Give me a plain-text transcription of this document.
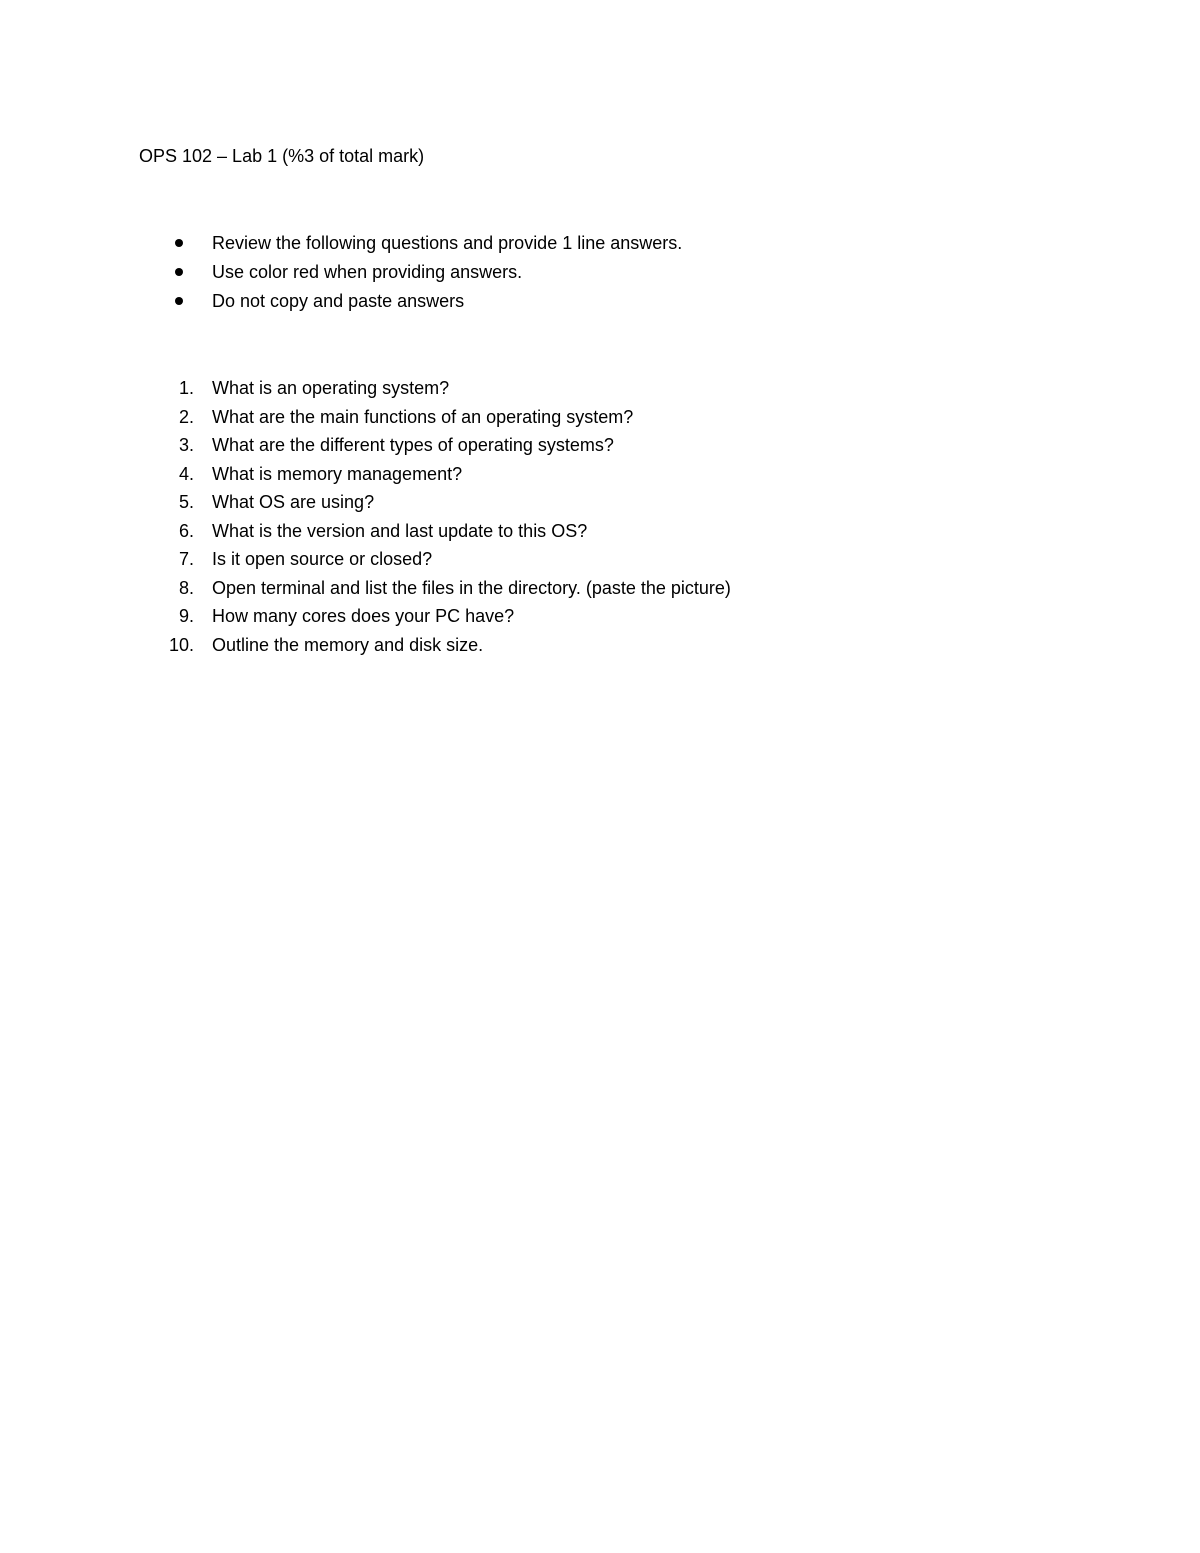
OPS 102 – Lab 1 (%3 of total mark)
Review the following questions and provide 1 line answers.
Use color red when providing answers.
Do not copy and paste answers
1. What is an operating system?
2. What are the main functions of an operating system?
3. What are the different types of operating systems?
4. What is memory management?
5. What OS are using?
6. What is the version and last update to this OS?
7. Is it open source or closed?
8. Open terminal and list the files in the directory. (paste the picture)
9. How many cores does your PC have?
10. Outline the memory and disk size.
